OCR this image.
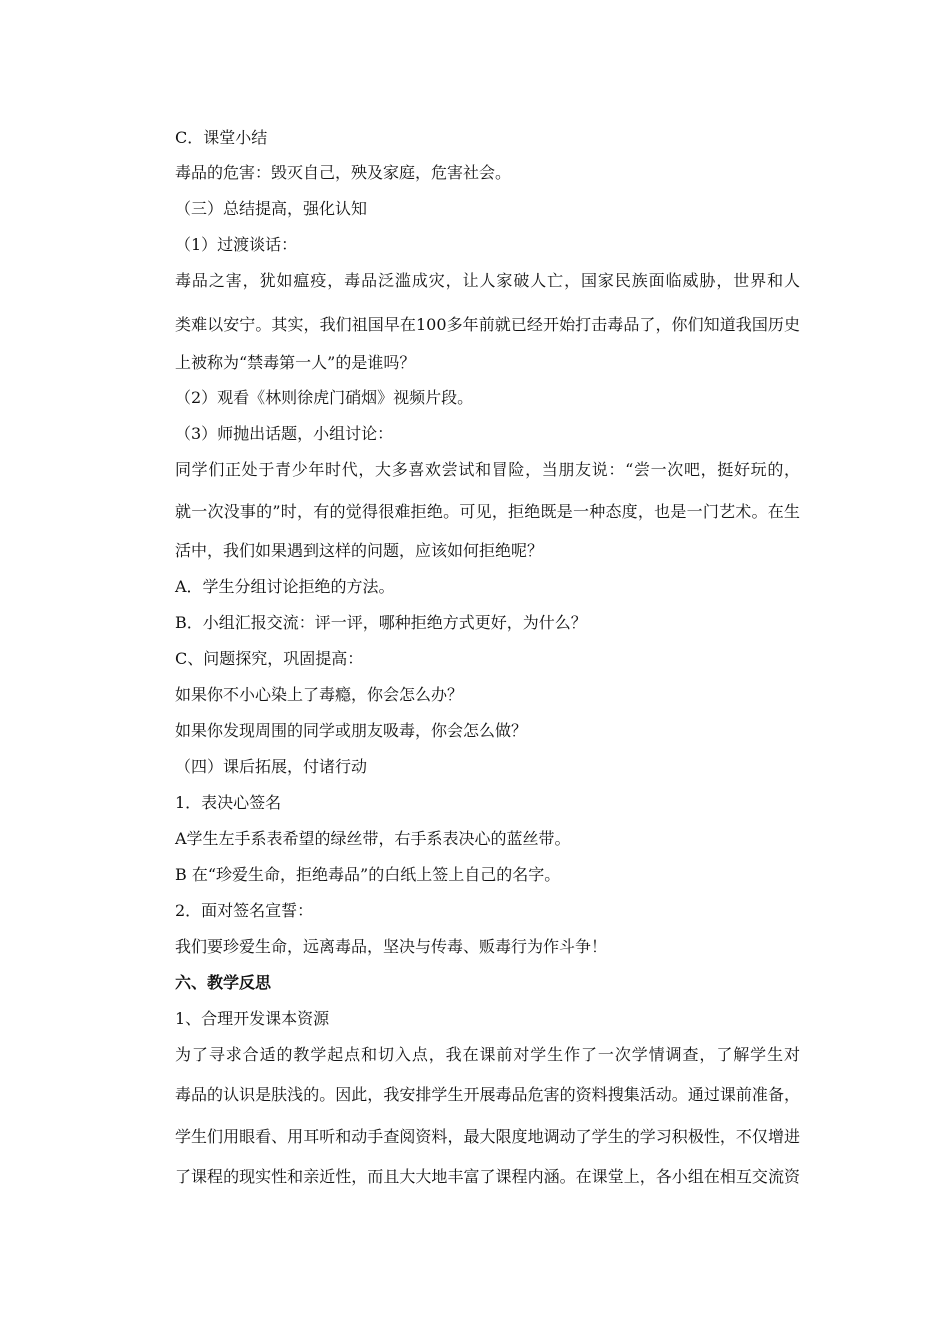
C．课堂小结
毒品的危害：毁灭自己，殃及家庭，危害社会。
（三）总结提高，强化认知
（1）过渡谈话：
毒品之害，犹如瘟疫，毒品泛滥成灾，让人家破人亡，国家民族面临威胁，世界和人
类难以安宁。其实，我们祖国早在100多年前就已经开始打击毒品了，你们知道我国历史
上被称为“禁毒第一人”的是谁吗？
（2）观看《林则徐虎门硝烟》视频片段。
（3）师抛出话题，小组讨论：
同学们正处于青少年时代，大多喜欢尝试和冒险，当朋友说：“尝一次吧，挺好玩的，
就一次没事的”时，有的觉得很难拒绝。可见，拒绝既是一种态度，也是一门艺术。在生
活中，我们如果遇到这样的问题，应该如何拒绝呢？
A．学生分组讨论拒绝的方法。
B．小组汇报交流：评一评，哪种拒绝方式更好，为什么？
C、问题探究，巩固提高：
如果你不小心染上了毒瘾，你会怎么办？
如果你发现周围的同学或朋友吸毒，你会怎么做？
（四）课后拓展，付诸行动
1．表决心签名
A学生左手系表希望的绿丝带，右手系表决心的蓝丝带。
B 在“珍爱生命，拒绝毒品”的白纸上签上自己的名字。
2．面对签名宣誓：
我们要珍爱生命，远离毒品，坚决与传毒、贩毒行为作斗争！
六、教学反思
1、合理开发课本资源
为了寻求合适的教学起点和切入点，我在课前对学生作了一次学情调查，了解学生对
毒品的认识是肤浅的。因此，我安排学生开展毒品危害的资料搜集活动。通过课前准备，
学生们用眼看、用耳听和动手查阅资料，最大限度地调动了学生的学习积极性，不仅增进
了课程的现实性和亲近性，而且大大地丰富了课程内涵。在课堂上，各小组在相互交流资
